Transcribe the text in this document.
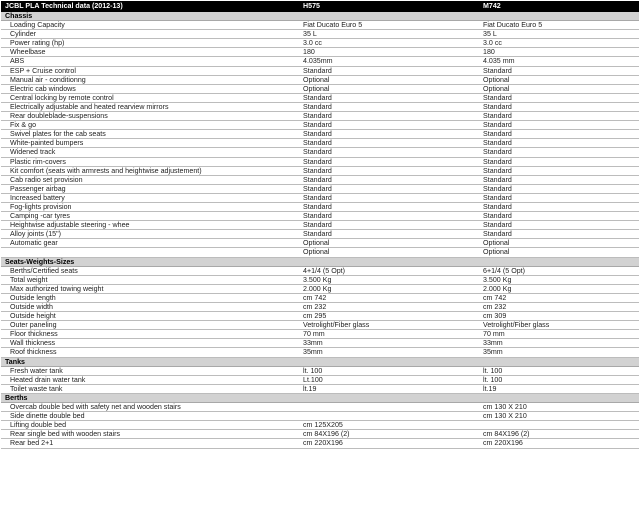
JCBL PLA Technical data (2012-13)	H575	M742
Chassis		
Loading Capacity	Fiat Ducato Euro 5	Fiat Ducato Euro 5
Cylinder	35 L	35 L
Power rating (hp)	3.0 cc	3.0 cc
Wheelbase	180	180
ABS	4.035mm	4.035 mm
ESP + Cruise control	Standard	Standard
Manual air - conditionng	Optional	Optional
Electric cab windows	Optional	Optional
Central locking by remote control	Standard	Standard
Electrically adjustable and heated rearview mirrors	Standard	Standard
Rear doubleblade-suspensions	Standard	Standard
Fix & go	Standard	Standard
Swivel plates for the cab seats	Standard	Standard
White-painted bumpers	Standard	Standard
Widened track	Standard	Standard
Plastic rim-covers	Standard	Standard
Kit comfort (seats with armrests and heightwise adjustement)	Standard	Standard
Cab radio set provision	Standard	Standard
Passenger airbag	Standard	Standard
Increased battery	Standard	Standard
Fog-lights provision	Standard	Standard
Camping -car tyres	Standard	Standard
Heightwise adjustable steering - whee	Standard	Standard
Alloy joints (15")	Standard	Standard
Automatic gear	Optional	Optional
	Optional	Optional
Seats-Weights-Sizes		
Berths/Certified seats	4+1/4 (5 Opt)	6+1/4 (5 Opt)
Total weight	3.500 Kg	3.500 Kg
Max authorized towing weight	2.000 Kg	2.000 Kg
Outside length	cm 742	cm 742
Outside width	cm 232	cm 232
Outside height	cm 295	cm 309
Outer paneling	Vetrolight/Fiber glass	Vetrolight/Fiber glass
Floor thickness	70 mm	70 mm
Wall thickness	33mm	33mm
Roof thickness	35mm	35mm
Tanks		
Fresh water tank	lt. 100	lt. 100
Heated drain water tank	Lt.100	lt. 100
Toilet waste tank	lt.19	lt.19
Berths		
Overcab double bed with safety net and wooden stairs		cm 130 X 210
Side dinette double bed		cm 130 X 210
Lifting double bed	cm 125X205	
Rear single bed with wooden stairs	cm 84X196 (2)	cm 84X196 (2)
Rear bed 2+1	cm 220X196	cm 220X196
